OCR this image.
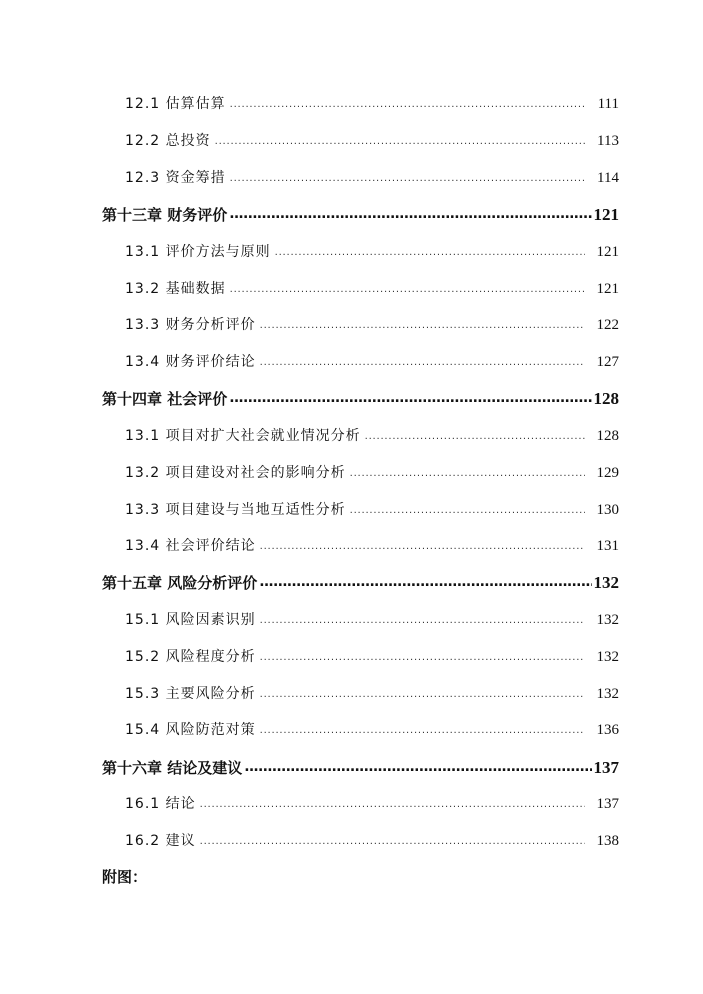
12.1 估算估算 . . .	111
12.2 总投资 . . .	113
12.3 资金筹措 . . .	114
第十三章 财务评价 . . .	121
13.1 评价方法与原则 . . .	121
13.2 基础数据 . . .	121
13.3 财务分析评价 . . .	122
13.4 财务评价结论 . . .	127
第十四章 社会评价 . . .	128
13.1 项目对扩大社会就业情况分析 . . .	128
13.2 项目建设对社会的影响分析 . . .	129
13.3 项目建设与当地互适性分析 . . .	130
13.4 社会评价结论 . . .	131
第十五章 风险分析评价 . . .	132
15.1 风险因素识别 . . .	132
15.2 风险程度分析 . . .	132
15.3 主要风险分析 . . .	132
15.4 风险防范对策 . . .	136
第十六章 结论及建议 . . .	137
16.1 结论 . . .	137
16.2 建议 . . .	138
附图：
